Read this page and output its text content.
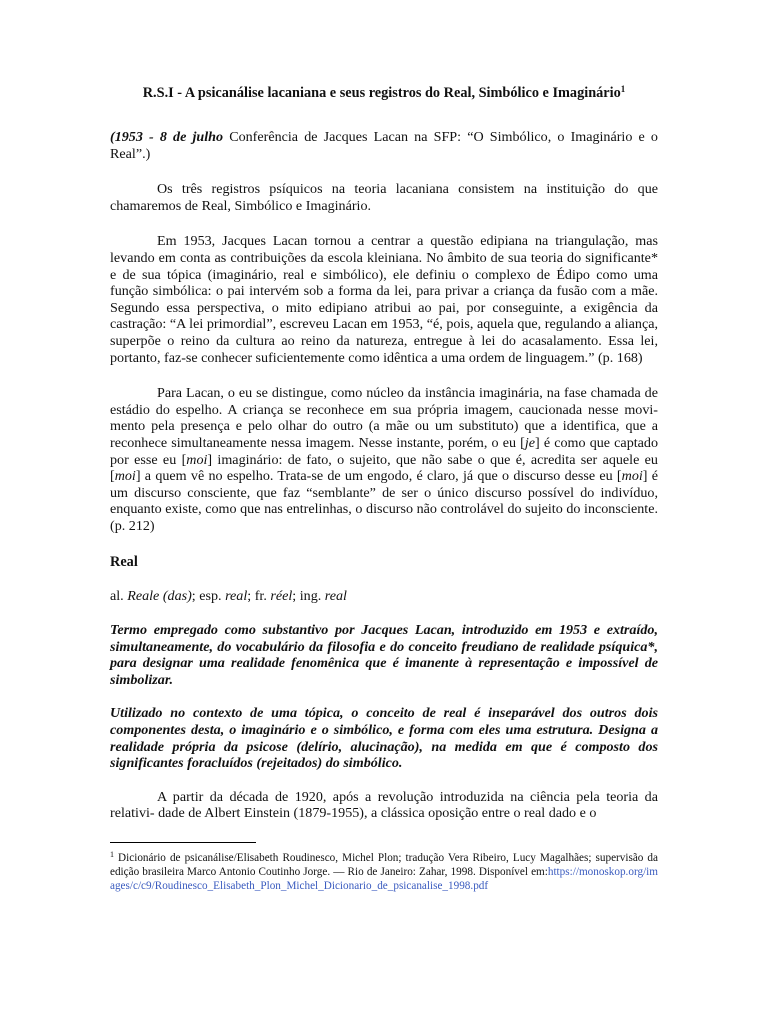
R.S.I - A psicanálise lacaniana e seus registros do Real, Simbólico e Imaginário$^1$

(1953 - 8 de julho Conferência de Jacques Lacan na SFP: “O Simbólico, o Imaginário e o Real”.)

Os três registros psíquicos na teoria lacaniana consistem na instituição do que chamaremos de Real, Simbólico e Imaginário.

Em 1953, Jacques Lacan tornou a centrar a questão edipiana na triangulação, mas levando em conta as contribuições da escola kleiniana. No âmbito de sua teoria do significante* e de sua tópica (imaginário, real e simbólico), ele definiu o complexo de Édipo como uma função simbólica: o pai intervém sob a forma da lei, para privar a criança da fusão com a mãe. Segundo essa perspectiva, o mito edipiano atribui ao pai, por conseguinte, a exigência da castração: “A lei primordial”, escreveu Lacan em 1953, “é, pois, aquela que, regulando a aliança, superpõe o reino da cultura ao reino da natureza, entregue à lei do acasalamento. Essa lei, portanto, faz-se conhecer suficientemente como idêntica a uma ordem de linguagem.” (p. 168)

Para Lacan, o eu se distingue, como núcleo da instância imaginária, na fase chamada de estádio do espelho. A criança se reconhece em sua própria imagem, caucionada nesse movi- mento pela presença e pelo olhar do outro (a mãe ou um substituto) que a identifica, que a reconhece simultaneamente nessa imagem. Nesse instante, porém, o eu [je] é como que captado por esse eu [moi] imaginário: de fato, o sujeito, que não sabe o que é, acredita ser aquele eu [moi] a quem vê no espelho. Trata-se de um engodo, é claro, já que o discurso desse eu [moi] é um discurso consciente, que faz “semblante” de ser o único discurso possível do indivíduo, enquanto existe, como que nas entrelinhas, o discurso não controlável do sujeito do inconsciente. (p. 212)

Real

al. Reale (das); esp. real; fr. réel; ing. real

Termo empregado como substantivo por Jacques Lacan, introduzido em 1953 e extraído, simultaneamente, do vocabulário da filosofia e do conceito freudiano de realidade psíquica*, para designar uma realidade fenomênica que é imanente à representação e impossível de simbolizar.

Utilizado no contexto de uma tópica, o conceito de real é inseparável dos outros dois componentes desta, o imaginário e o simbólico, e forma com eles uma estrutura. Designa a realidade própria da psicose (delírio, alucinação), na medida em que é composto dos significantes foracluídos (rejeitados) do simbólico.

A partir da década de 1920, após a revolução introduzida na ciência pela teoria da relativi- dade de Albert Einstein (1879-1955), a clássica oposição entre o real dado e o

$^1$ Dicionário de psicanálise/Elisabeth Roudinesco, Michel Plon; tradução Vera Ribeiro, Lucy Magalhães; supervisão da edição brasileira Marco Antonio Coutinho Jorge. — Rio de Janeiro: Zahar, 1998. Disponível em:https://monoskop.org/images/c/c9/Roudinesco_Elisabeth_Plon_Michel_Dicionario_de_psicanalise_1998.pdf
